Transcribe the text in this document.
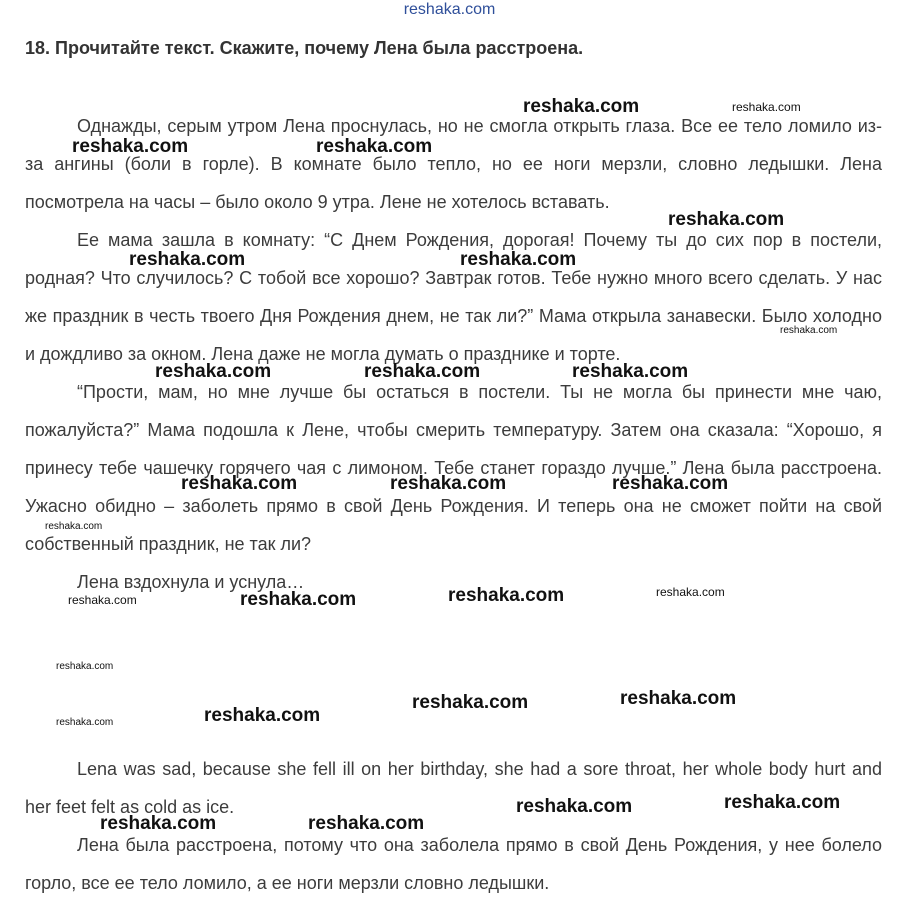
reshaka.com
18. Прочитайте текст. Скажите, почему Лена была расстроена.

Однажды, серым утром Лена проснулась, но не смогла открыть глаза. Все ее тело ломило из-за ангины (боли в горле). В комнате было тепло, но ее ноги мерзли, словно ледышки. Лена посмотрела на часы – было около 9 утра. Лене не хотелось вставать.

Ее мама зашла в комнату: “С Днем Рождения, дорогая! Почему ты до сих пор в постели, родная? Что случилось? С тобой все хорошо? Завтрак готов. Тебе нужно много всего сделать. У нас же праздник в честь твоего Дня Рождения днем, не так ли?” Мама открыла занавески. Было холодно и дождливо за окном. Лена даже не могла думать о празднике и торте.

“Прости, мам, но мне лучше бы остаться в постели. Ты не могла бы принести мне чаю, пожалуйста?” Мама подошла к Лене, чтобы смерить температуру. Затем она сказала: “Хорошо, я принесу тебе чашечку горячего чая с лимоном. Тебе станет гораздо лучше.” Лена была расстроена. Ужасно обидно – заболеть прямо в свой День Рождения. И теперь она не сможет пойти на свой собственный праздник, не так ли?

Лена вздохнула и уснула…

Lena was sad, because she fell ill on her birthday, she had a sore throat, her whole body hurt and her feet felt as cold as ice.

Лена была расстроена, потому что она заболела прямо в свой День Рождения, у нее болело горло, все ее тело ломило, а ее ноги мерзли словно ледышки.

reshaka.com	reshaka.com
reshaka.com	reshaka.com
reshaka.com
reshaka.com	reshaka.com
reshaka.com
reshaka.com	reshaka.com	reshaka.com
reshaka.com	reshaka.com	reshaka.com
reshaka.com
reshaka.com	reshaka.com
reshaka.com	reshaka.com
reshaka.com
reshaka.com
reshaka.com
reshaka.com
reshaka.com
reshaka.com
reshaka.com
reshaka.com	reshaka.com
